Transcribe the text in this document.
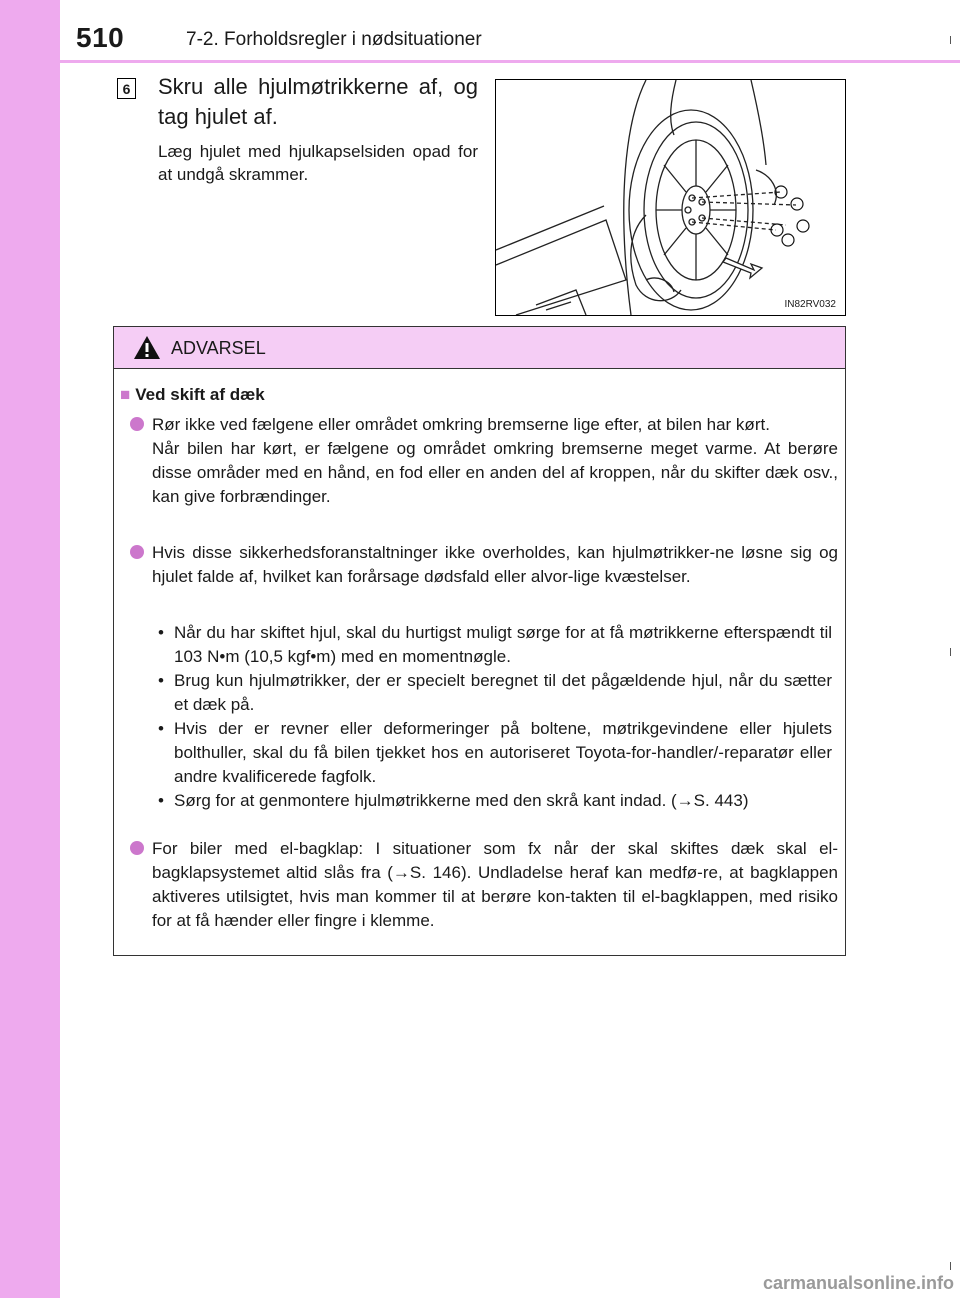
510	7-2. Forholdsregler i nødsituationer
6 Skru alle hjulmøtrikkerne af, og tag hjulet af.
Læg hjulet med hjulkapselsiden opad for at undgå skrammer.
IN82RV032
ADVARSEL
■ Ved skift af dæk
Rør ikke ved fælgene eller området omkring bremserne lige efter, at bilen har kørt.
Når bilen har kørt, er fælgene og området omkring bremserne meget varme. At berøre disse områder med en hånd, en fod eller en anden del af kroppen, når du skifter dæk osv., kan give forbrændinger.
Hvis disse sikkerhedsforanstaltninger ikke overholdes, kan hjulmøtrikker-ne løsne sig og hjulet falde af, hvilket kan forårsage dødsfald eller alvor-lige kvæstelser.
• Når du har skiftet hjul, skal du hurtigst muligt sørge for at få møtrikkerne efterspændt til 103 N•m (10,5 kgf•m) med en momentnøgle.
• Brug kun hjulmøtrikker, der er specielt beregnet til det pågældende hjul, når du sætter et dæk på.
• Hvis der er revner eller deformeringer på boltene, møtrikgevindene eller hjulets bolthuller, skal du få bilen tjekket hos en autoriseret Toyota-for-handler/-reparatør eller andre kvalificerede fagfolk.
• Sørg for at genmontere hjulmøtrikkerne med den skrå kant indad. (→S. 443)
For biler med el-bagklap: I situationer som fx når der skal skiftes dæk skal el-bagklapsystemet altid slås fra (→S. 146). Undladelse heraf kan medfø-re, at bagklappen aktiveres utilsigtet, hvis man kommer til at berøre kon-takten til el-bagklappen, med risiko for at få hænder eller fingre i klemme.
carmanualsonline.info
